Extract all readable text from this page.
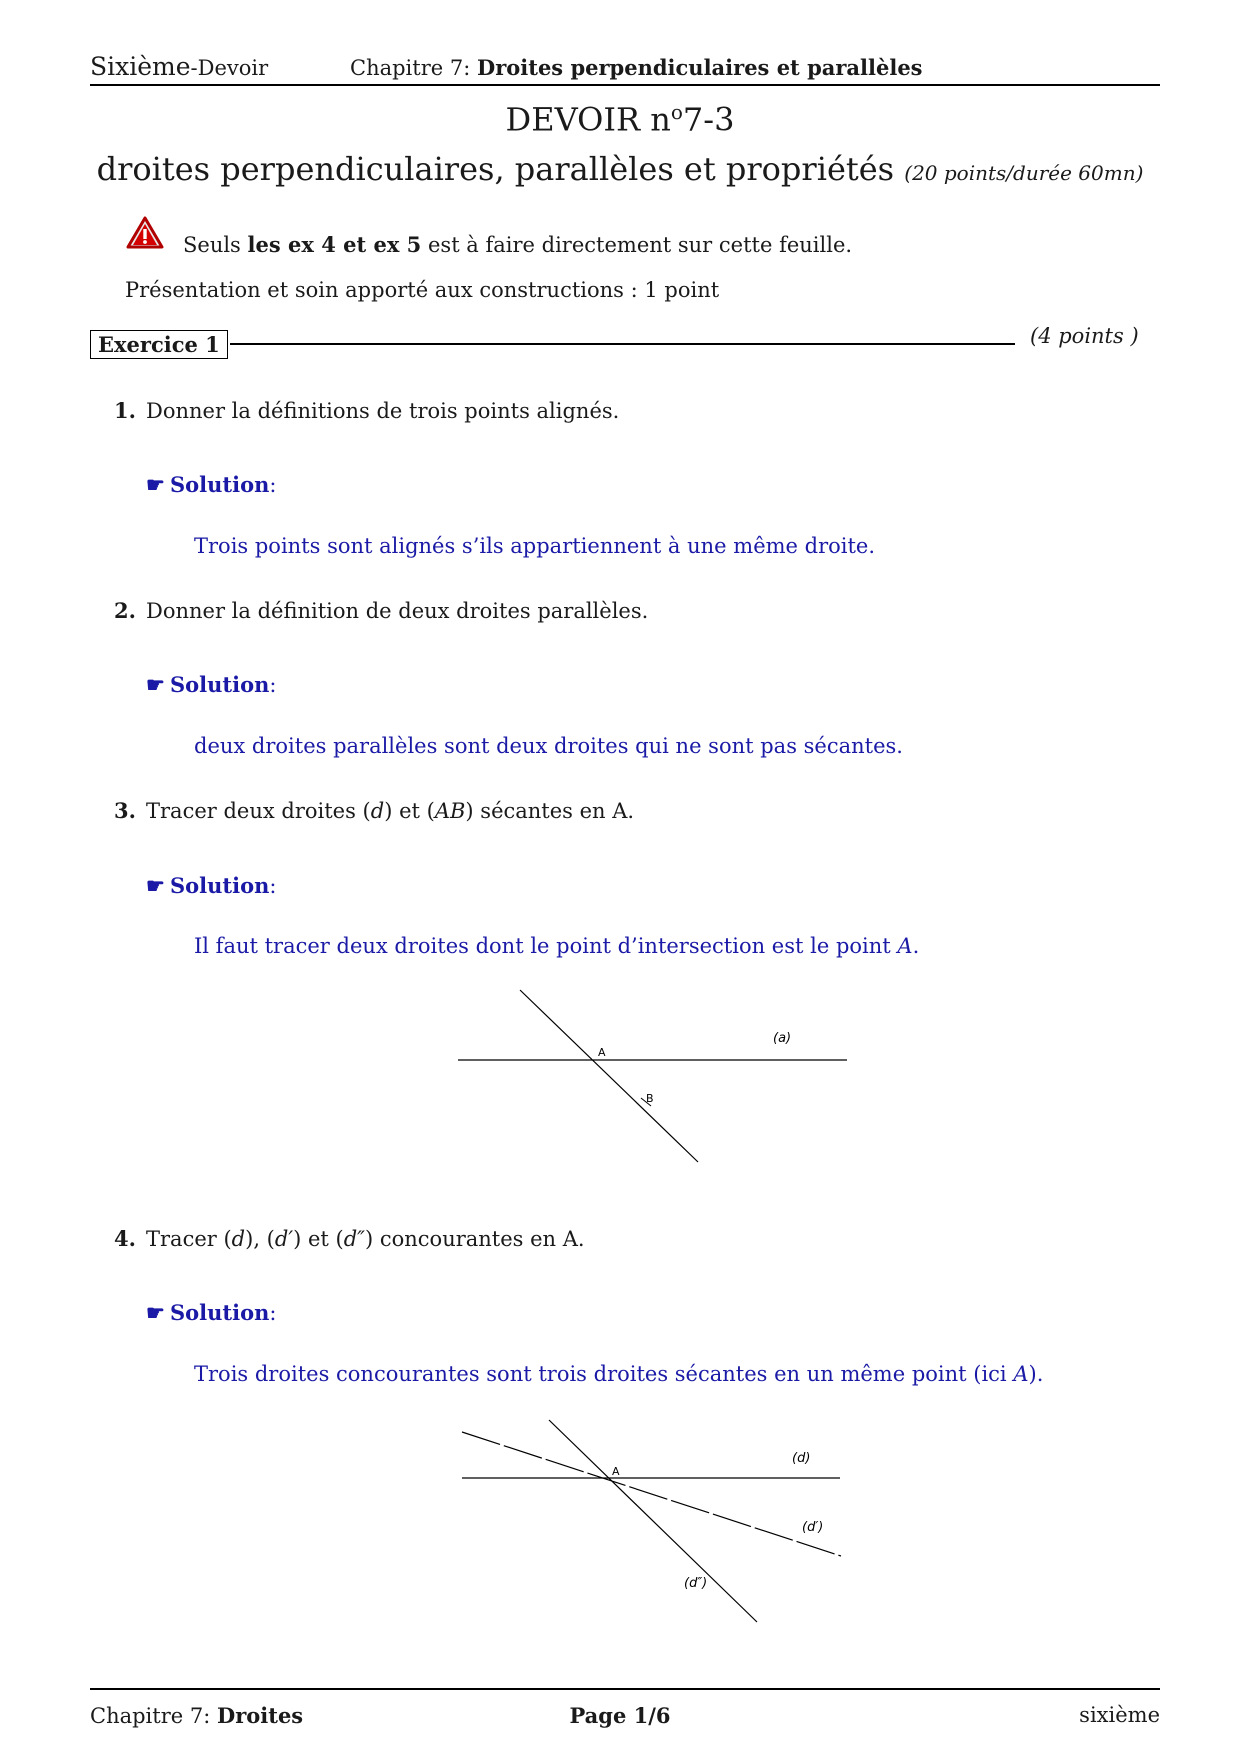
Sixième-Devoir	Chapitre 7: Droites perpendiculaires et parallèles
DEVOIR $n^o7-3$
droites perpendiculaires, parallèles et propriétés (20 points/durée 60mn)
Seuls les ex 4 et ex 5 est à faire directement sur cette feuille.
Présentation et soin apporté aux constructions : 1 point
Exercice 1	(4 points )
1. Donner la définitions de trois points alignés.
☛ Solution:
Trois points sont alignés s’ils appartiennent à une même droite.
2. Donner la définition de deux droites parallèles.
☛ Solution:
deux droites parallèles sont deux droites qui ne sont pas sécantes.
3. Tracer deux droites (d) et (AB) sécantes en A.
☛ Solution:
Il faut tracer deux droites dont le point d’intersection est le point A.
A
B
(a)
4. Tracer (d), (d′) et (d″) concourantes en A.
☛ Solution:
Trois droites concourantes sont trois droites sécantes en un même point (ici A).
A
(d)
(d′)
(d″)
Chapitre 7: Droites	Page 1/6	sixième
